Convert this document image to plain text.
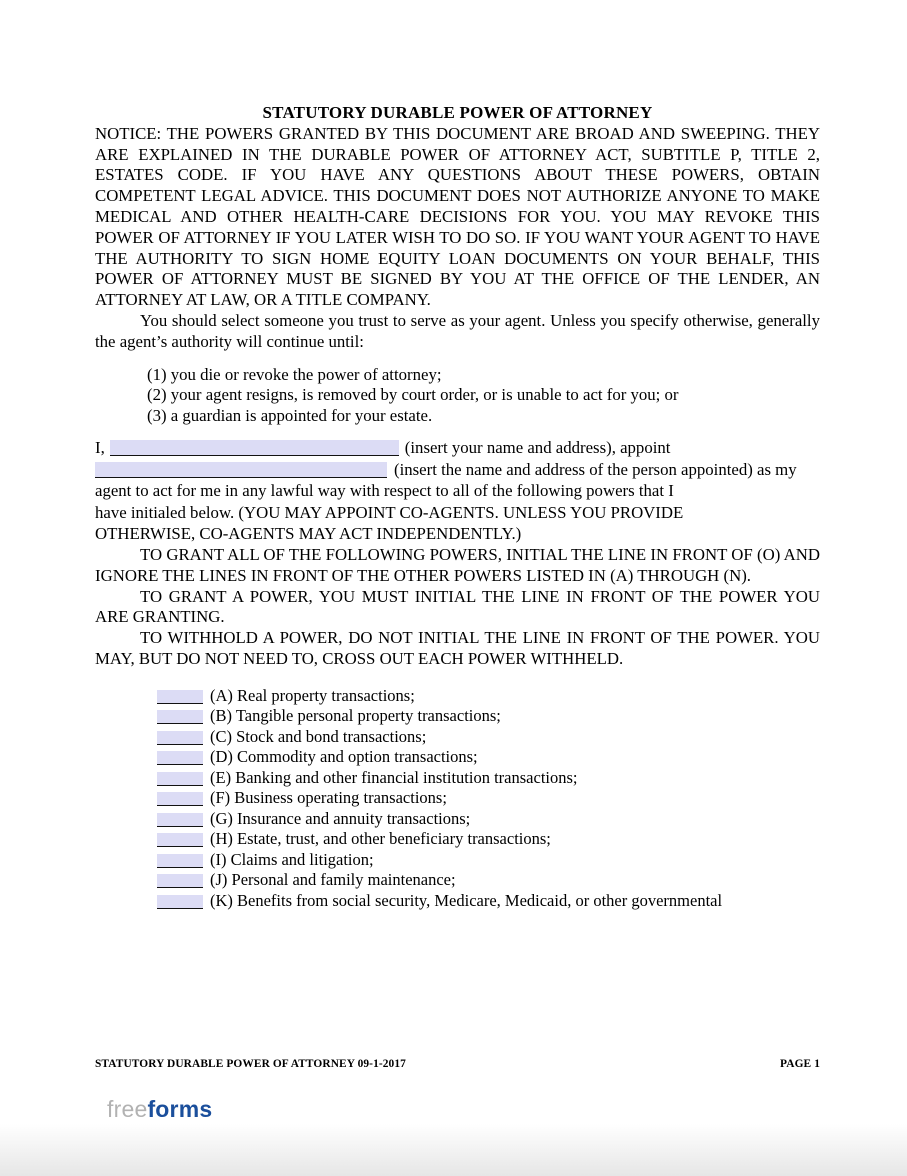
STATUTORY DURABLE POWER OF ATTORNEY

NOTICE: THE POWERS GRANTED BY THIS DOCUMENT ARE BROAD AND SWEEPING. THEY ARE EXPLAINED IN THE DURABLE POWER OF ATTORNEY ACT, SUBTITLE P, TITLE 2, ESTATES CODE. IF YOU HAVE ANY QUESTIONS ABOUT THESE POWERS, OBTAIN COMPETENT LEGAL ADVICE. THIS DOCUMENT DOES NOT AUTHORIZE ANYONE TO MAKE MEDICAL AND OTHER HEALTH-CARE DECISIONS FOR YOU. YOU MAY REVOKE THIS POWER OF ATTORNEY IF YOU LATER WISH TO DO SO. IF YOU WANT YOUR AGENT TO HAVE THE AUTHORITY TO SIGN HOME EQUITY LOAN DOCUMENTS ON YOUR BEHALF, THIS POWER OF ATTORNEY MUST BE SIGNED BY YOU AT THE OFFICE OF THE LENDER, AN ATTORNEY AT LAW, OR A TITLE COMPANY.

You should select someone you trust to serve as your agent. Unless you specify otherwise, generally the agent’s authority will continue until:

(1) you die or revoke the power of attorney;
(2) your agent resigns, is removed by court order, or is unable to act for you; or
(3) a guardian is appointed for your estate.
I,	(insert your name and address), appoint
(insert the name and address of the person appointed) as my
agent to act for me in any lawful way with respect to all of the following powers that I
have initialed below. (YOU MAY APPOINT CO-AGENTS. UNLESS YOU PROVIDE
OTHERWISE, CO-AGENTS MAY ACT INDEPENDENTLY.)

TO GRANT ALL OF THE FOLLOWING POWERS, INITIAL THE LINE IN FRONT OF (O) AND IGNORE THE LINES IN FRONT OF THE OTHER POWERS LISTED IN (A) THROUGH (N).

TO GRANT A POWER, YOU MUST INITIAL THE LINE IN FRONT OF THE POWER YOU ARE GRANTING.

TO WITHHOLD A POWER, DO NOT INITIAL THE LINE IN FRONT OF THE POWER. YOU MAY, BUT DO NOT NEED TO, CROSS OUT EACH POWER WITHHELD.

(A) Real property transactions;
(B) Tangible personal property transactions;
(C) Stock and bond transactions;
(D) Commodity and option transactions;
(E) Banking and other financial institution transactions;
(F) Business operating transactions;
(G) Insurance and annuity transactions;
(H) Estate, trust, and other beneficiary transactions;
(I) Claims and litigation;
(J) Personal and family maintenance;
(K) Benefits from social security, Medicare, Medicaid, or other governmental
STATUTORY DURABLE POWER OF ATTORNEY 09-1-2017	PAGE 1
freeforms
